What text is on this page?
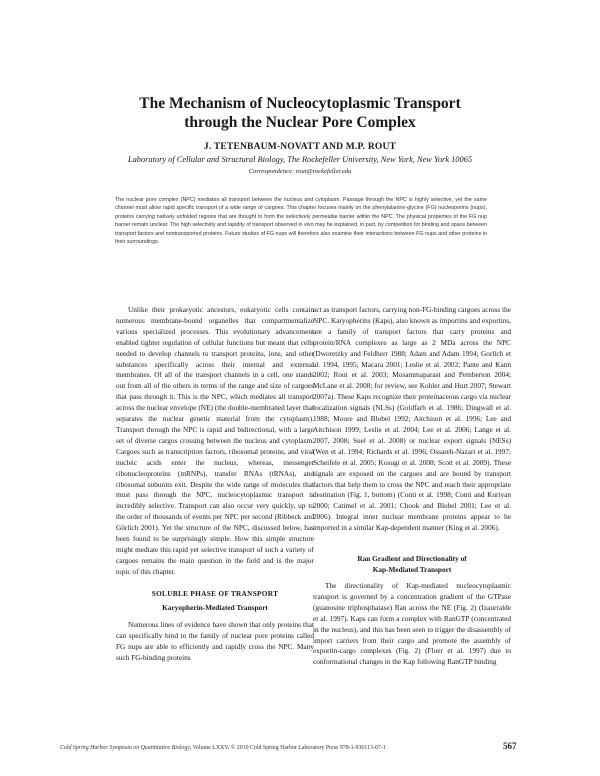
The Mechanism of Nucleocytoplasmic Transport
through the Nuclear Pore Complex
J. TETENBAUM-NOVATT AND M.P. ROUT
Laboratory of Cellular and Structural Biology, The Rockefeller University, New York, New York 10065
Correspondence: rout@rockefeller.edu
The nuclear pore complex (NPC) mediates all transport between the nucleus and cytoplasm. Passage through the NPC is highly selective, yet the same channel must allow rapid specific transport of a wide range of cargoes. This chapter focuses mainly on the phenylalanine-glycine (FG) nucleoporins (nups), proteins carrying natively unfolded regions that are thought to form the selectively permeable barrier within the NPC. The physical properties of the FG nup barrier remain unclear. The high selectivity and rapidity of transport observed in vivo may be explained, in part, by competition for binding and space between transport factors and nontransported proteins. Future studies of FG nups will therefore also examine their interactions between FG nups and other proteins in their surroundings.

Unlike their prokaryotic ancestors, eukaryotic cells contain numerous membrane-bound organelles that compartmentalize various specialized processes. This evolutionary advancement enabled tighter regulation of cellular functions but meant that cells needed to develop channels to transport proteins, ions, and other substances specifically across their internal and external membranes. Of all of the transport channels in a cell, one stands out from all of the others in terms of the range and size of cargoes that pass through it. This is the NPC, which mediates all transport across the nuclear envelope (NE) (the double-membraned layer that separates the nuclear genetic material from the cytoplasm). Transport through the NPC is rapid and bidirectional, with a large set of diverse cargos crossing between the nucleus and cytoplasm. Cargoes such as transcription factors, ribosomal proteins, and viral nucleic acids enter the nucleus, whereas, messenger ribonucleoproteins (mRNPs), transfer RNAs (tRNAs), and ribosomal subunits exit. Despite the wide range of molecules that must pass through the NPC, nucleocytoplasmic transport is incredibly selective. Transport can also occur very quickly, up to the order of thousands of events per NPC per second (Ribbeck and Görlich 2001). Yet the structure of the NPC, discussed below, has been found to be surprisingly simple. How this simple structure might mediate this rapid yet selective transport of such a variety of cargoes remains the main question in the field and is the major topic of this chapter.

SOLUBLE PHASE OF TRANSPORT
Karyopherin-Mediated Transport

Numerous lines of evidence have shown that only proteins that can specifically bind to the family of nuclear pore proteins called FG nups are able to efficiently and rapidly cross the NPC. Many such FG-binding proteins

act as transport factors, carrying non-FG-binding cargoes across the NPC. Karyopherins (Kaps), also known as importins and exportins, are a family of transport factors that carry proteins and protein/RNA complexes as large as 2 MDa across the NPC (Dworetzky and Feldherr 1988; Adam and Adam 1994; Gorlich et al. 1994, 1995; Macara 2001; Leslie et al. 2002; Pante and Kann 2002; Rout et al. 2003; Mosammaparast and Pemberton 2004; McLane et al. 2008; for review, see Kohler and Hurt 2007; Stewart 2007a). These Kaps recognize their proteinaceous cargo via nuclear localization signals (NLSs) (Goldfarb et al. 1986; Dingwall et al. 1988; Moore and Blobel 1992; Aitchison et al. 1996; Lee and Aitchison 1999; Leslie et al. 2004; Lee et al. 2006; Lange et al. 2007, 2008; Suel et al. 2008) or nuclear export signals (NESs) (Wen et al. 1994; Richards et al. 1996; Ossareh-Nazari et al. 1997; Scheifele et al. 2005; Kosugi et al. 2008; Scott et al. 2009). These signals are exposed on the cargoes and are bound by transport factors that help them to cross the NPC and reach their appropriate destination (Fig. 1, bottom) (Conti et al. 1998; Conti and Kuriyan 2000; Catimel et al. 2001; Chook and Blobel 2001; Lee et al. 2006). Integral inner nuclear membrane proteins appear to be imported in a similar Kap-dependent manner (King et al. 2006).

Ran Gradient and Directionality of
Kap-Mediated Transport

The directionality of Kap-mediated nucleocytoplasmic transport is governed by a concentration gradient of the GTPase (guanosine triphosphatase) Ran across the NE (Fig. 2) (Izaurralde et al. 1997). Kaps can form a complex with RanGTP (concentrated in the nucleus), and this has been seen to trigger the disassembly of import carriers from their cargo and promote the assembly of exportin-cargo complexes (Fig. 2) (Floer et al. 1997) due to conformational changes in the Kap following RanGTP binding

Cold Spring Harbor Symposia on Quantitative Biology, Volume LXXV. © 2010 Cold Spring Harbor Laboratory Press 978-1-936113-07-1	567
